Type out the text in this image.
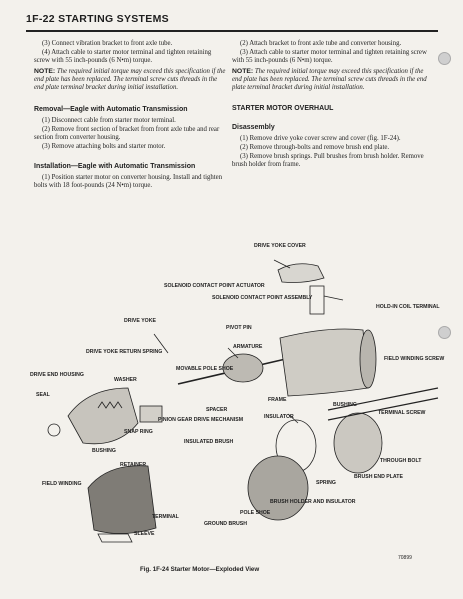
1F-22 STARTING SYSTEMS

(3) Connect vibration bracket to front axle tube.

(4) Attach cable to starter motor terminal and tighten retaining screw with 55 inch-pounds (6 N•m) torque.

NOTE: The required initial torque may exceed this specification if the end plate has been replaced. The terminal screw cuts threads in the end plate terminal bracket during initial installation.

Removal—Eagle with Automatic Transmission

(1) Disconnect cable from starter motor terminal.

(2) Remove front section of bracket from front axle tube and rear section from converter housing.

(3) Remove attaching bolts and starter motor.

Installation—Eagle with Automatic Transmission

(1) Position starter motor on converter housing. Install and tighten bolts with 18 foot-pounds (24 N•m) torque.

(2) Attach bracket to front axle tube and converter housing.

(3) Attach cable to starter motor terminal and tighten retaining screw with 55 inch-pounds (6 N•m) torque.

NOTE: The required initial torque may exceed this specification if the end plate has been replaced. The terminal screw cuts threads in the end plate terminal bracket during initial installation.

STARTER MOTOR OVERHAUL
Disassembly

(1) Remove drive yoke cover screw and cover (fig. 1F-24).

(2) Remove through-bolts and remove brush end plate.

(3) Remove brush springs. Pull brushes from brush holder. Remove brush holder from frame.

DRIVE YOKE COVER
SOLENOID CONTACT POINT ACTUATOR
SOLENOID CONTACT POINT ASSEMBLY
HOLD-IN COIL TERMINAL
DRIVE YOKE
PIVOT PIN
ARMATURE
FIELD WINDING SCREW
DRIVE YOKE RETURN SPRING
MOVABLE POLE SHOE
DRIVE END HOUSING
WASHER
SEAL
FRAME
BUSHING
SPACER
INSULATOR
TERMINAL SCREW
SNAP RING
PINION GEAR DRIVE MECHANISM
BUSHING
INSULATED BRUSH
RETAINER
THROUGH BOLT
SPRING
BRUSH END PLATE
FIELD WINDING
BRUSH HOLDER AND INSULATOR
POLE SHOE
TERMINAL
GROUND BRUSH
SLEEVE
70899
Fig. 1F-24 Starter Motor—Exploded View
